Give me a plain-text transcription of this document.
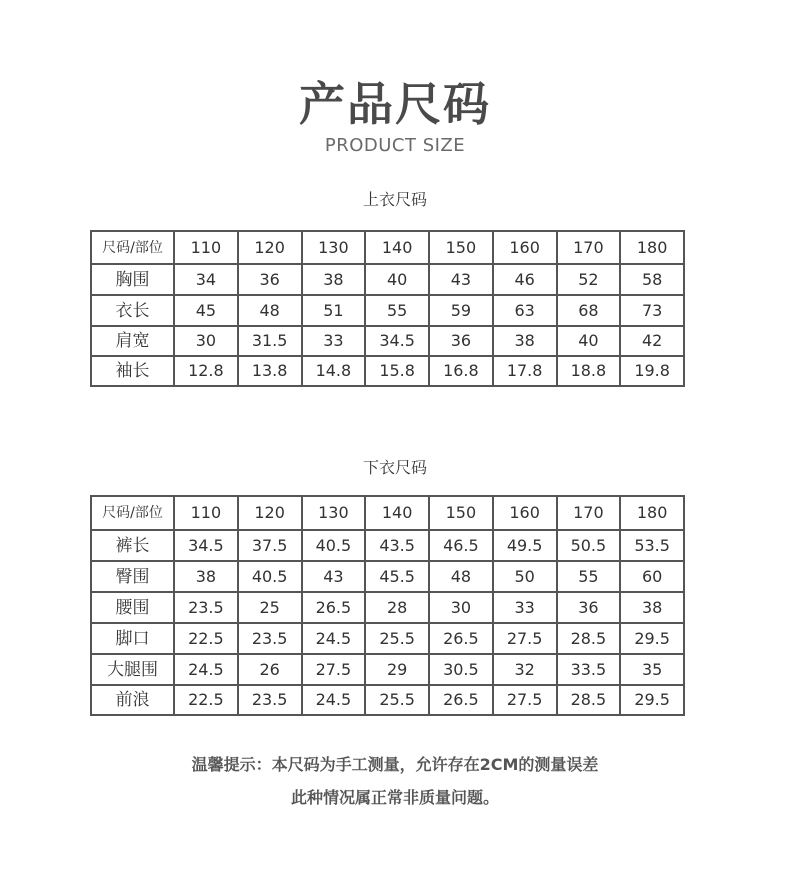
产品尺码
PRODUCT SIZE
上衣尺码
尺码/部位	110	120	130	140	150	160	170	180
胸围	34	36	38	40	43	46	52	58
衣长	45	48	51	55	59	63	68	73
肩宽	30	31.5	33	34.5	36	38	40	42
袖长	12.8	13.8	14.8	15.8	16.8	17.8	18.8	19.8
下衣尺码
尺码/部位	110	120	130	140	150	160	170	180
裤长	34.5	37.5	40.5	43.5	46.5	49.5	50.5	53.5
臀围	38	40.5	43	45.5	48	50	55	60
腰围	23.5	25	26.5	28	30	33	36	38
脚口	22.5	23.5	24.5	25.5	26.5	27.5	28.5	29.5
大腿围	24.5	26	27.5	29	30.5	32	33.5	35
前浪	22.5	23.5	24.5	25.5	26.5	27.5	28.5	29.5
温馨提示：本尺码为手工测量，允许存在2CM的测量误差
此种情况属正常非质量问题。
